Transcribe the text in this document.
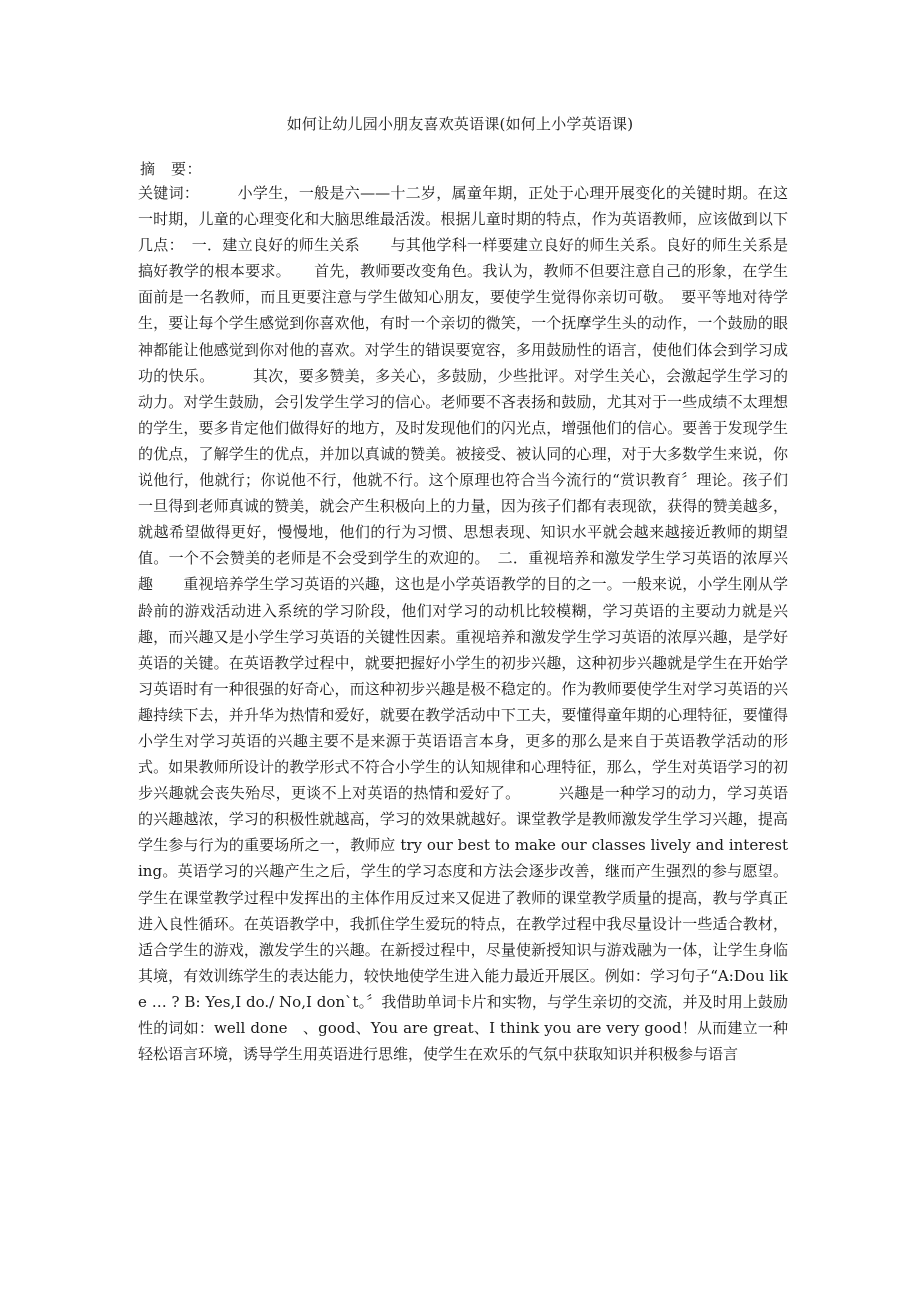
如何让幼儿园小朋友喜欢英语课(如何上小学英语课)
摘　要：
关键词：　　　小学生，一般是六——十二岁，属童年期，正处于心理开展变化的关键时期。在这一时期，儿童的心理变化和大脑思维最活泼。根据儿童时期的特点，作为英语教师，应该做到以下几点：　一．建立良好的师生关系　　与其他学科一样要建立良好的师生关系。良好的师生关系是搞好教学的根本要求。　　首先，教师要改变角色。我认为，教师不但要注意自己的形象，在学生面前是一名教师，而且更要注意与学生做知心朋友，要使学生觉得你亲切可敬。　要平等地对待学生，要让每个学生感觉到你喜欢他，有时一个亲切的微笑，一个抚摩学生头的动作，一个鼓励的眼神都能让他感觉到你对他的喜欢。对学生的错误要宽容，多用鼓励性的语言，使他们体会到学习成功的快乐。　　　其次，要多赞美，多关心，多鼓励，少些批评。对学生关心，会激起学生学习的动力。对学生鼓励，会引发学生学习的信心。老师要不吝表扬和鼓励，尤其对于一些成绩不太理想的学生，要多肯定他们做得好的地方，及时发现他们的闪光点，增强他们的信心。要善于发现学生的优点，了解学生的优点，并加以真诚的赞美。被接受、被认同的心理，对于大多数学生来说，你说他行，他就行；你说他不行，他就不行。这个原理也符合当今流行的“赏识教育〞理论。孩子们一旦得到老师真诚的赞美，就会产生积极向上的力量，因为孩子们都有表现欲，获得的赞美越多，就越希望做得更好，慢慢地，他们的行为习惯、思想表现、知识水平就会越来越接近教师的期望值。一个不会赞美的老师是不会受到学生的欢迎的。　二．重视培养和激发学生学习英语的浓厚兴趣　　重视培养学生学习英语的兴趣，这也是小学英语教学的目的之一。一般来说，小学生刚从学龄前的游戏活动进入系统的学习阶段，他们对学习的动机比较模糊，学习英语的主要动力就是兴趣，而兴趣又是小学生学习英语的关键性因素。重视培养和激发学生学习英语的浓厚兴趣，是学好英语的关键。在英语教学过程中，就要把握好小学生的初步兴趣，这种初步兴趣就是学生在开始学习英语时有一种很强的好奇心，而这种初步兴趣是极不稳定的。作为教师要使学生对学习英语的兴趣持续下去，并升华为热情和爱好，就要在教学活动中下工夫，要懂得童年期的心理特征，要懂得小学生对学习英语的兴趣主要不是来源于英语语言本身，更多的那么是来自于英语教学活动的形式。如果教师所设计的教学形式不符合小学生的认知规律和心理特征，那么，学生对英语学习的初步兴趣就会丧失殆尽，更谈不上对英语的热情和爱好了。　　　兴趣是一种学习的动力，学习英语的兴趣越浓，学习的积极性就越高，学习的效果就越好。课堂教学是教师激发学生学习兴趣，提高学生参与行为的重要场所之一，教师应 try our best to make our classes lively and interesting。英语学习的兴趣产生之后，学生的学习态度和方法会逐步改善，继而产生强烈的参与愿望。学生在课堂教学过程中发挥出的主体作用反过来又促进了教师的课堂教学质量的提高，教与学真正进入良性循环。在英语教学中，我抓住学生爱玩的特点，在教学过程中我尽量设计一些适合教材，适合学生的游戏，激发学生的兴趣。在新授过程中，尽量使新授知识与游戏融为一体，让学生身临其境，有效训练学生的表达能力，较快地使学生进入能力最近开展区。例如：学习句子“A:Dou like … ? B: Yes,I do./ No,I don`t。〞我借助单词卡片和实物，与学生亲切的交流，并及时用上鼓励性的词如：well done　、good、You are great、I think you are very good！从而建立一种轻松语言环境，诱导学生用英语进行思维，使学生在欢乐的气氛中获取知识并积极参与语言
